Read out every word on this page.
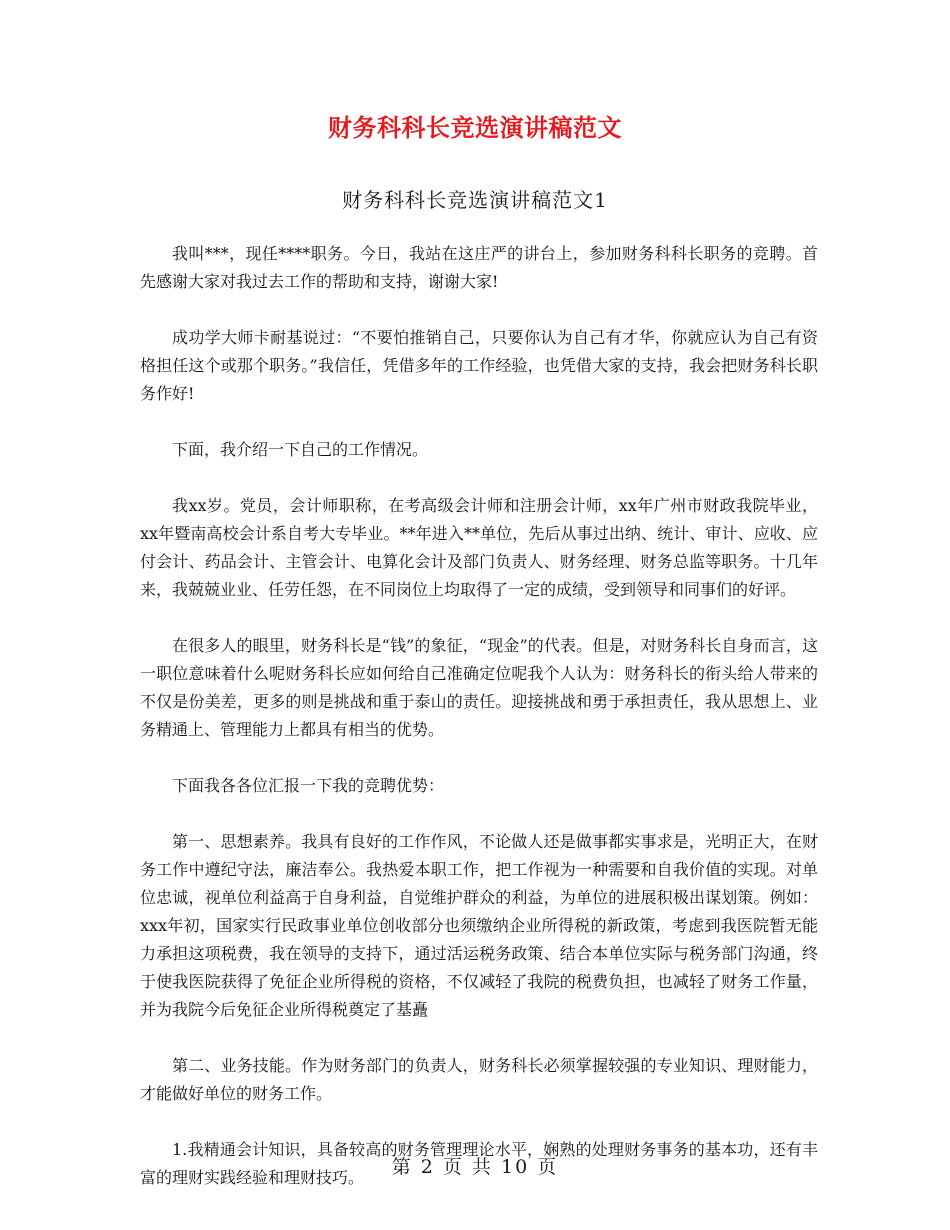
财务科科长竞选演讲稿范文
财务科科长竞选演讲稿范文1

我叫***，现任****职务。今日，我站在这庄严的讲台上，参加财务科科长职务的竞聘。首先感谢大家对我过去工作的帮助和支持，谢谢大家!

成功学大师卡耐基说过：“不要怕推销自己，只要你认为自己有才华，你就应认为自己有资格担任这个或那个职务。”我信任，凭借多年的工作经验，也凭借大家的支持，我会把财务科长职务作好!

下面，我介绍一下自己的工作情况。

我xx岁。党员，会计师职称，在考高级会计师和注册会计师，xx年广州市财政我院毕业，xx年暨南高校会计系自考大专毕业。**年进入**单位，先后从事过出纳、统计、审计、应收、应付会计、药品会计、主管会计、电算化会计及部门负责人、财务经理、财务总监等职务。十几年来，我兢兢业业、任劳任怨，在不同岗位上均取得了一定的成绩，受到领导和同事们的好评。

在很多人的眼里，财务科长是“钱”的象征，“现金”的代表。但是，对财务科长自身而言，这一职位意味着什么呢财务科长应如何给自己准确定位呢我个人认为：财务科长的衔头给人带来的不仅是份美差，更多的则是挑战和重于泰山的责任。迎接挑战和勇于承担责任，我从思想上、业务精通上、管理能力上都具有相当的优势。

下面我各各位汇报一下我的竞聘优势：

第一、思想素养。我具有良好的工作作风，不论做人还是做事都实事求是，光明正大，在财务工作中遵纪守法，廉洁奉公。我热爱本职工作，把工作视为一种需要和自我价值的实现。对单位忠诚，视单位利益高于自身利益，自觉维护群众的利益，为单位的进展积极出谋划策。例如：xxx年初，国家实行民政事业单位创收部分也须缴纳企业所得税的新政策，考虑到我医院暂无能力承担这项税费，我在领导的支持下，通过活运税务政策、结合本单位实际与税务部门沟通，终于使我医院获得了免征企业所得税的资格，不仅减轻了我院的税费负担，也减轻了财务工作量，并为我院今后免征企业所得税奠定了基矗

第二、业务技能。作为财务部门的负责人，财务科长必须掌握较强的专业知识、理财能力，才能做好单位的财务工作。

1.我精通会计知识，具备较高的财务管理理论水平，娴熟的处理财务事务的基本功，还有丰富的理财实践经验和理财技巧。	第 2 页 共 10 页
